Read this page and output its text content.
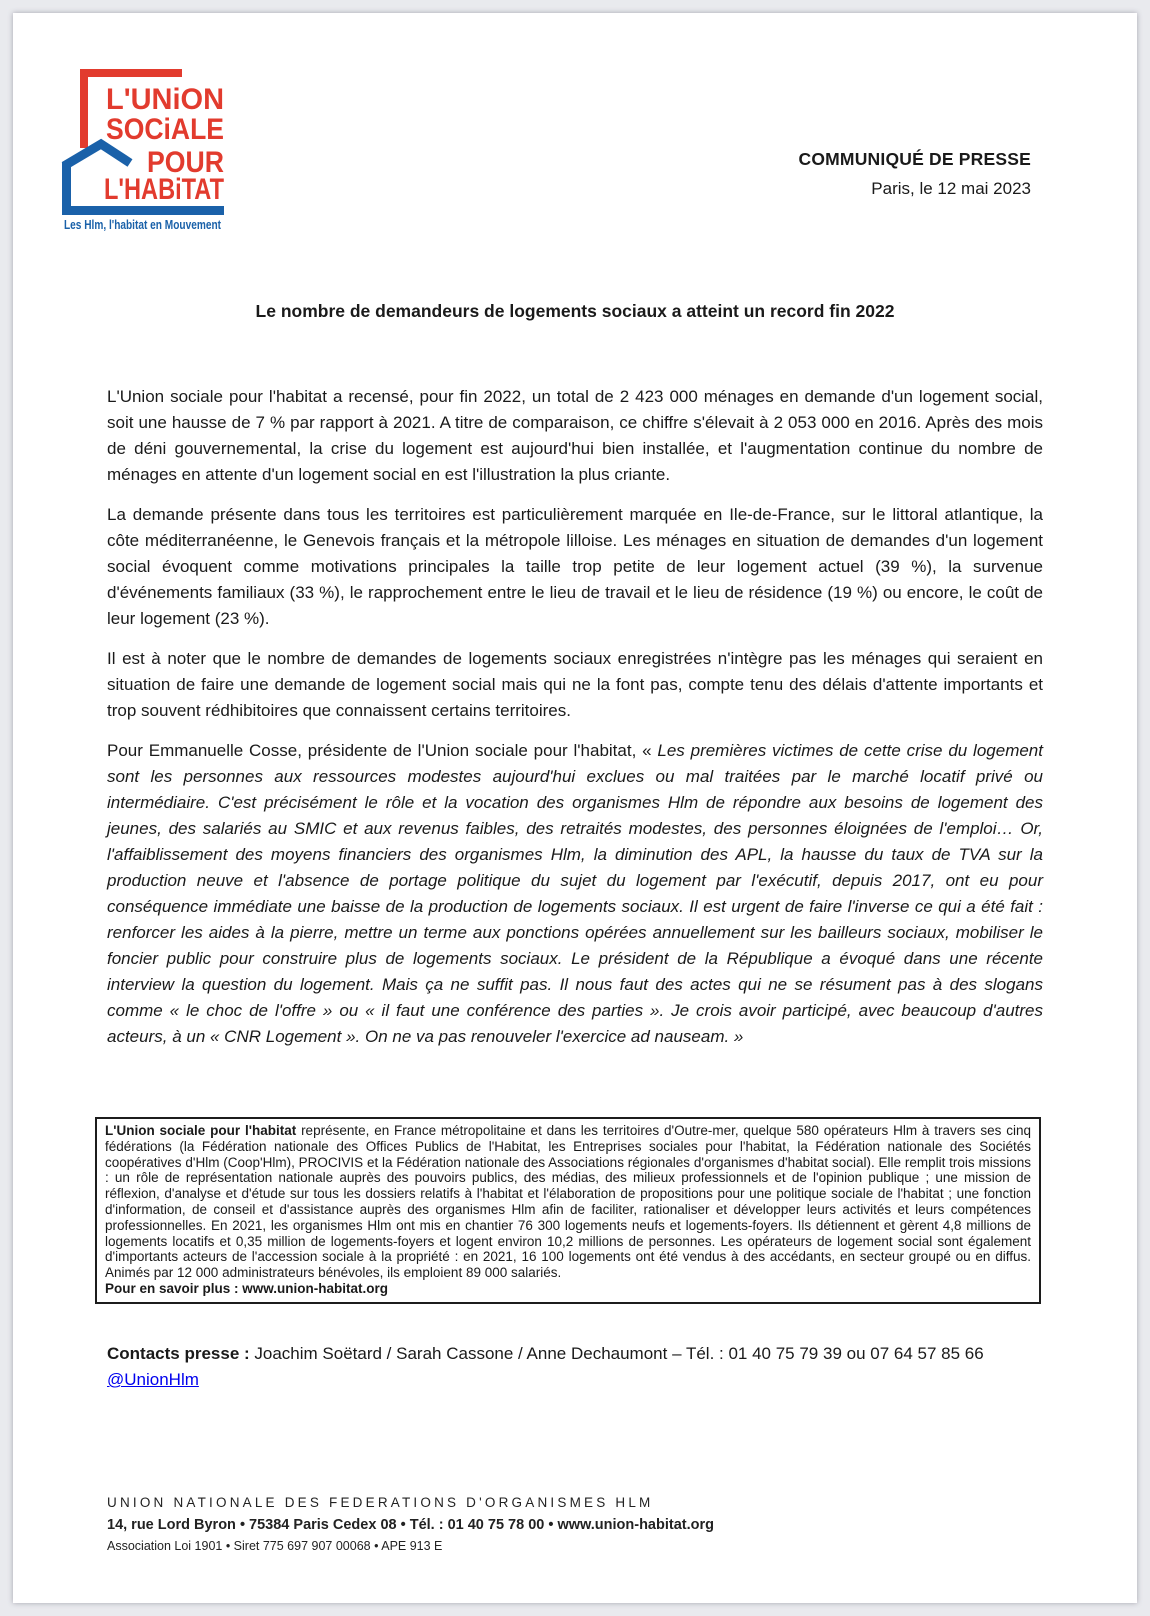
L'UNiON
SOCiALE
POUR
L'HABiTAT
Les Hlm, l'habitat en Mouvement
COMMUNIQUÉ DE PRESSE
Paris, le 12 mai 2023
Le nombre de demandeurs de logements sociaux a atteint un record fin 2022

L'Union sociale pour l'habitat a recensé, pour fin 2022, un total de 2 423 000 ménages en demande d'un logement social, soit une hausse de 7 % par rapport à 2021. A titre de comparaison, ce chiffre s'élevait à 2 053 000 en 2016. Après des mois de déni gouvernemental, la crise du logement est aujourd'hui bien installée, et l'augmentation continue du nombre de ménages en attente d'un logement social en est l'illustration la plus criante.

La demande présente dans tous les territoires est particulièrement marquée en Ile-de-France, sur le littoral atlantique, la côte méditerranéenne, le Genevois français et la métropole lilloise. Les ménages en situation de demandes d'un logement social évoquent comme motivations principales la taille trop petite de leur logement actuel (39 %), la survenue d'événements familiaux (33 %), le rapprochement entre le lieu de travail et le lieu de résidence (19 %) ou encore, le coût de leur logement (23 %).

Il est à noter que le nombre de demandes de logements sociaux enregistrées n'intègre pas les ménages qui seraient en situation de faire une demande de logement social mais qui ne la font pas, compte tenu des délais d'attente importants et trop souvent rédhibitoires que connaissent certains territoires.

Pour Emmanuelle Cosse, présidente de l'Union sociale pour l'habitat, « Les premières victimes de cette crise du logement sont les personnes aux ressources modestes aujourd'hui exclues ou mal traitées par le marché locatif privé ou intermédiaire. C'est précisément le rôle et la vocation des organismes Hlm de répondre aux besoins de logement des jeunes, des salariés au SMIC et aux revenus faibles, des retraités modestes, des personnes éloignées de l'emploi… Or, l'affaiblissement des moyens financiers des organismes Hlm, la diminution des APL, la hausse du taux de TVA sur la production neuve et l'absence de portage politique du sujet du logement par l'exécutif, depuis 2017, ont eu pour conséquence immédiate une baisse de la production de logements sociaux. Il est urgent de faire l'inverse ce qui a été fait : renforcer les aides à la pierre, mettre un terme aux ponctions opérées annuellement sur les bailleurs sociaux, mobiliser le foncier public pour construire plus de logements sociaux. Le président de la République a évoqué dans une récente interview la question du logement. Mais ça ne suffit pas. Il nous faut des actes qui ne se résument pas à des slogans comme « le choc de l'offre » ou « il faut une conférence des parties ». Je crois avoir participé, avec beaucoup d'autres acteurs, à un « CNR Logement ». On ne va pas renouveler l'exercice ad nauseam. »

L'Union sociale pour l'habitat représente, en France métropolitaine et dans les territoires d'Outre-mer, quelque 580 opérateurs Hlm à travers ses cinq fédérations (la Fédération nationale des Offices Publics de l'Habitat, les Entreprises sociales pour l'habitat, la Fédération nationale des Sociétés coopératives d'Hlm (Coop'Hlm), PROCIVIS et la Fédération nationale des Associations régionales d'organismes d'habitat social). Elle remplit trois missions : un rôle de représentation nationale auprès des pouvoirs publics, des médias, des milieux professionnels et de l'opinion publique ; une mission de réflexion, d'analyse et d'étude sur tous les dossiers relatifs à l'habitat et l'élaboration de propositions pour une politique sociale de l'habitat ; une fonction d'information, de conseil et d'assistance auprès des organismes Hlm afin de faciliter, rationaliser et développer leurs activités et leurs compétences professionnelles. En 2021, les organismes Hlm ont mis en chantier 76 300 logements neufs et logements-foyers. Ils détiennent et gèrent 4,8 millions de logements locatifs et 0,35 million de logements-foyers et logent environ 10,2 millions de personnes. Les opérateurs de logement social sont également d'importants acteurs de l'accession sociale à la propriété : en 2021, 16 100 logements ont été vendus à des accédants, en secteur groupé ou en diffus. Animés par 12 000 administrateurs bénévoles, ils emploient 89 000 salariés.
Pour en savoir plus : www.union-habitat.org
Contacts presse : Joachim Soëtard / Sarah Cassone / Anne Dechaumont – Tél. : 01 40 75 79 39 ou 07 64 57 85 66
@UnionHlm
UNION NATIONALE DES FEDERATIONS D'ORGANISMES HLM
14, rue Lord Byron • 75384 Paris Cedex 08 • Tél. : 01 40 75 78 00 • www.union-habitat.org
Association Loi 1901 • Siret 775 697 907 00068 • APE 913 E
